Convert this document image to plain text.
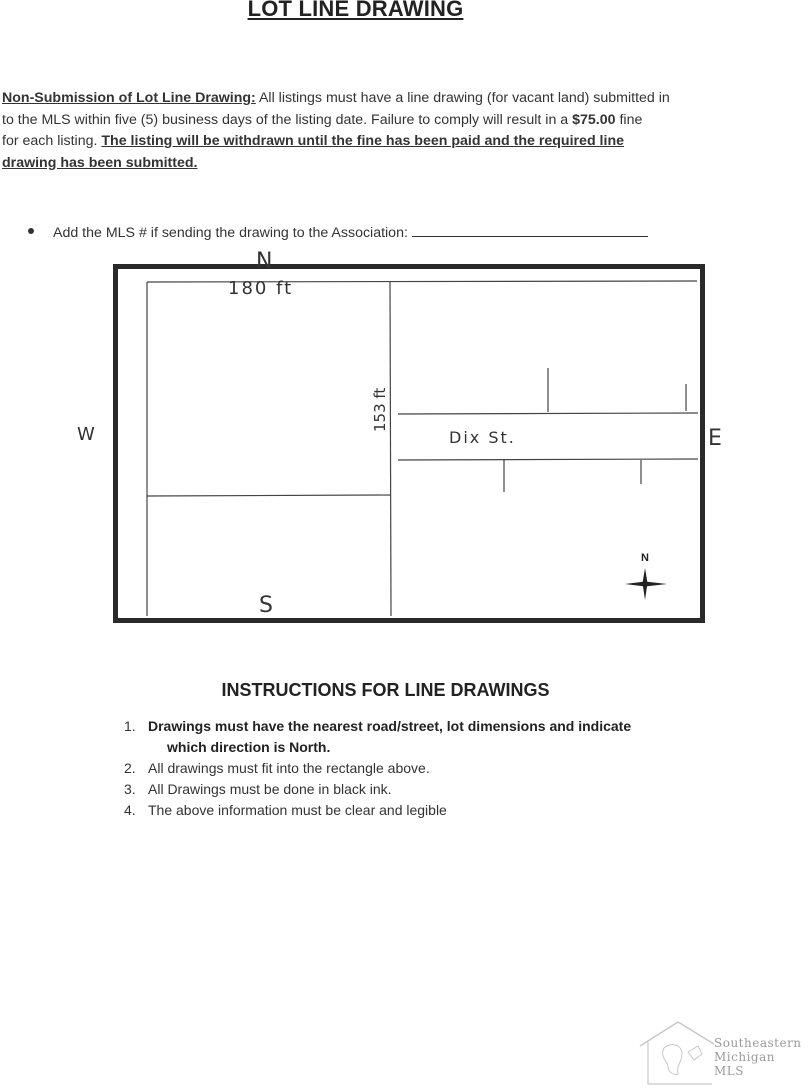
LOT LINE DRAWING
Non-Submission of Lot Line Drawing: All listings must have a line drawing (for vacant land) submitted in
to the MLS within five (5) business days of the listing date. Failure to comply will result in a $75.00 fine
for each listing. The listing will be withdrawn until the fine has been paid and the required line
drawing has been submitted.
Add the MLS # if sending the drawing to the Association:
N
180 ft
153 ft
Dix St.
W	E
S
N
INSTRUCTIONS FOR LINE DRAWINGS
1. Drawings must have the nearest road/street, lot dimensions and indicate
which direction is North.
2. All drawings must fit into the rectangle above.
3. All Drawings must be done in black ink.
4. The above information must be clear and legible
Southeastern
Michigan
MLS
